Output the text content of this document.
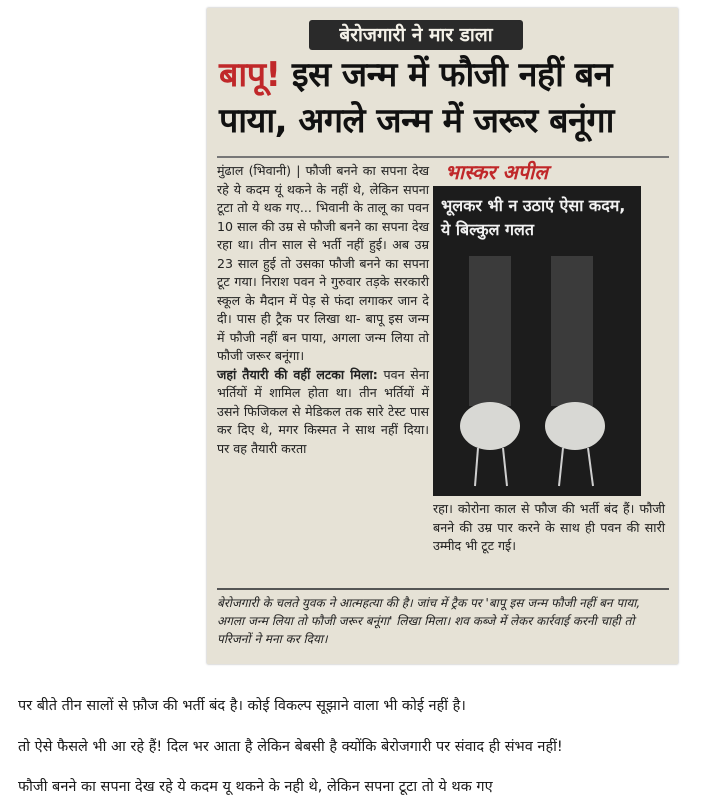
बेरोजगारी ने मार डाला
बापू! इस जन्म में फौजी नहीं बन
पाया, अगले जन्म में जरूर बनूंगा

मुंढाल (भिवानी) | फौजी बनने का सपना देख रहे ये कदम यूं थकने के नहीं थे, लेकिन सपना टूटा तो ये थक गए... भिवानी के तालू का पवन 10 साल की उम्र से फौजी बनने का सपना देख रहा था। तीन साल से भर्ती नहीं हुई। अब उम्र 23 साल हुई तो उसका फौजी बनने का सपना टूट गया। निराश पवन ने गुरुवार तड़के सरकारी स्कूल के मैदान में पेड़ से फंदा लगाकर जान दे दी। पास ही ट्रैक पर लिखा था- बापू इस जन्म में फौजी नहीं बन पाया, अगला जन्म लिया तो फौजी जरूर बनूंगा।

जहां तैयारी की वहीं लटका मिला: पवन सेना भर्तियों में शामिल होता था। तीन भर्तियों में उसने फिजिकल से मेडिकल तक सारे टेस्ट पास कर दिए थे, मगर किस्मत ने साथ नहीं दिया। पर वह तैयारी करता

भास्कर अपील
भूलकर भी न उठाएं ऐसा कदम, ये बिल्कुल गलत

रहा। कोरोना काल से फौज की भर्ती बंद हैं। फौजी बनने की उम्र पार करने के साथ ही पवन की सारी उम्मीद भी टूट गई।

बेरोजगारी के चलते युवक ने आत्महत्या की है। जांच में ट्रैक पर 'बापू इस जन्म फौजी नहीं बन पाया, अगला जन्म लिया तो फौजी जरूर बनूंगा' लिखा मिला। शव कब्जे में लेकर कार्रवाई करनी चाही तो परिजनों ने मना कर दिया।
पर बीते तीन सालों से फ़ौज की भर्ती बंद है। कोई विकल्प सूझाने वाला भी कोई नहीं है।
तो ऐसे फैसले भी आ रहे हैं! दिल भर आता है लेकिन बेबसी है क्योंकि बेरोजगारी पर संवाद ही संभव नहीं!
फौजी बनने का सपना देख रहे ये कदम यू थकने के नही थे, लेकिन सपना टूटा तो ये थक गए
